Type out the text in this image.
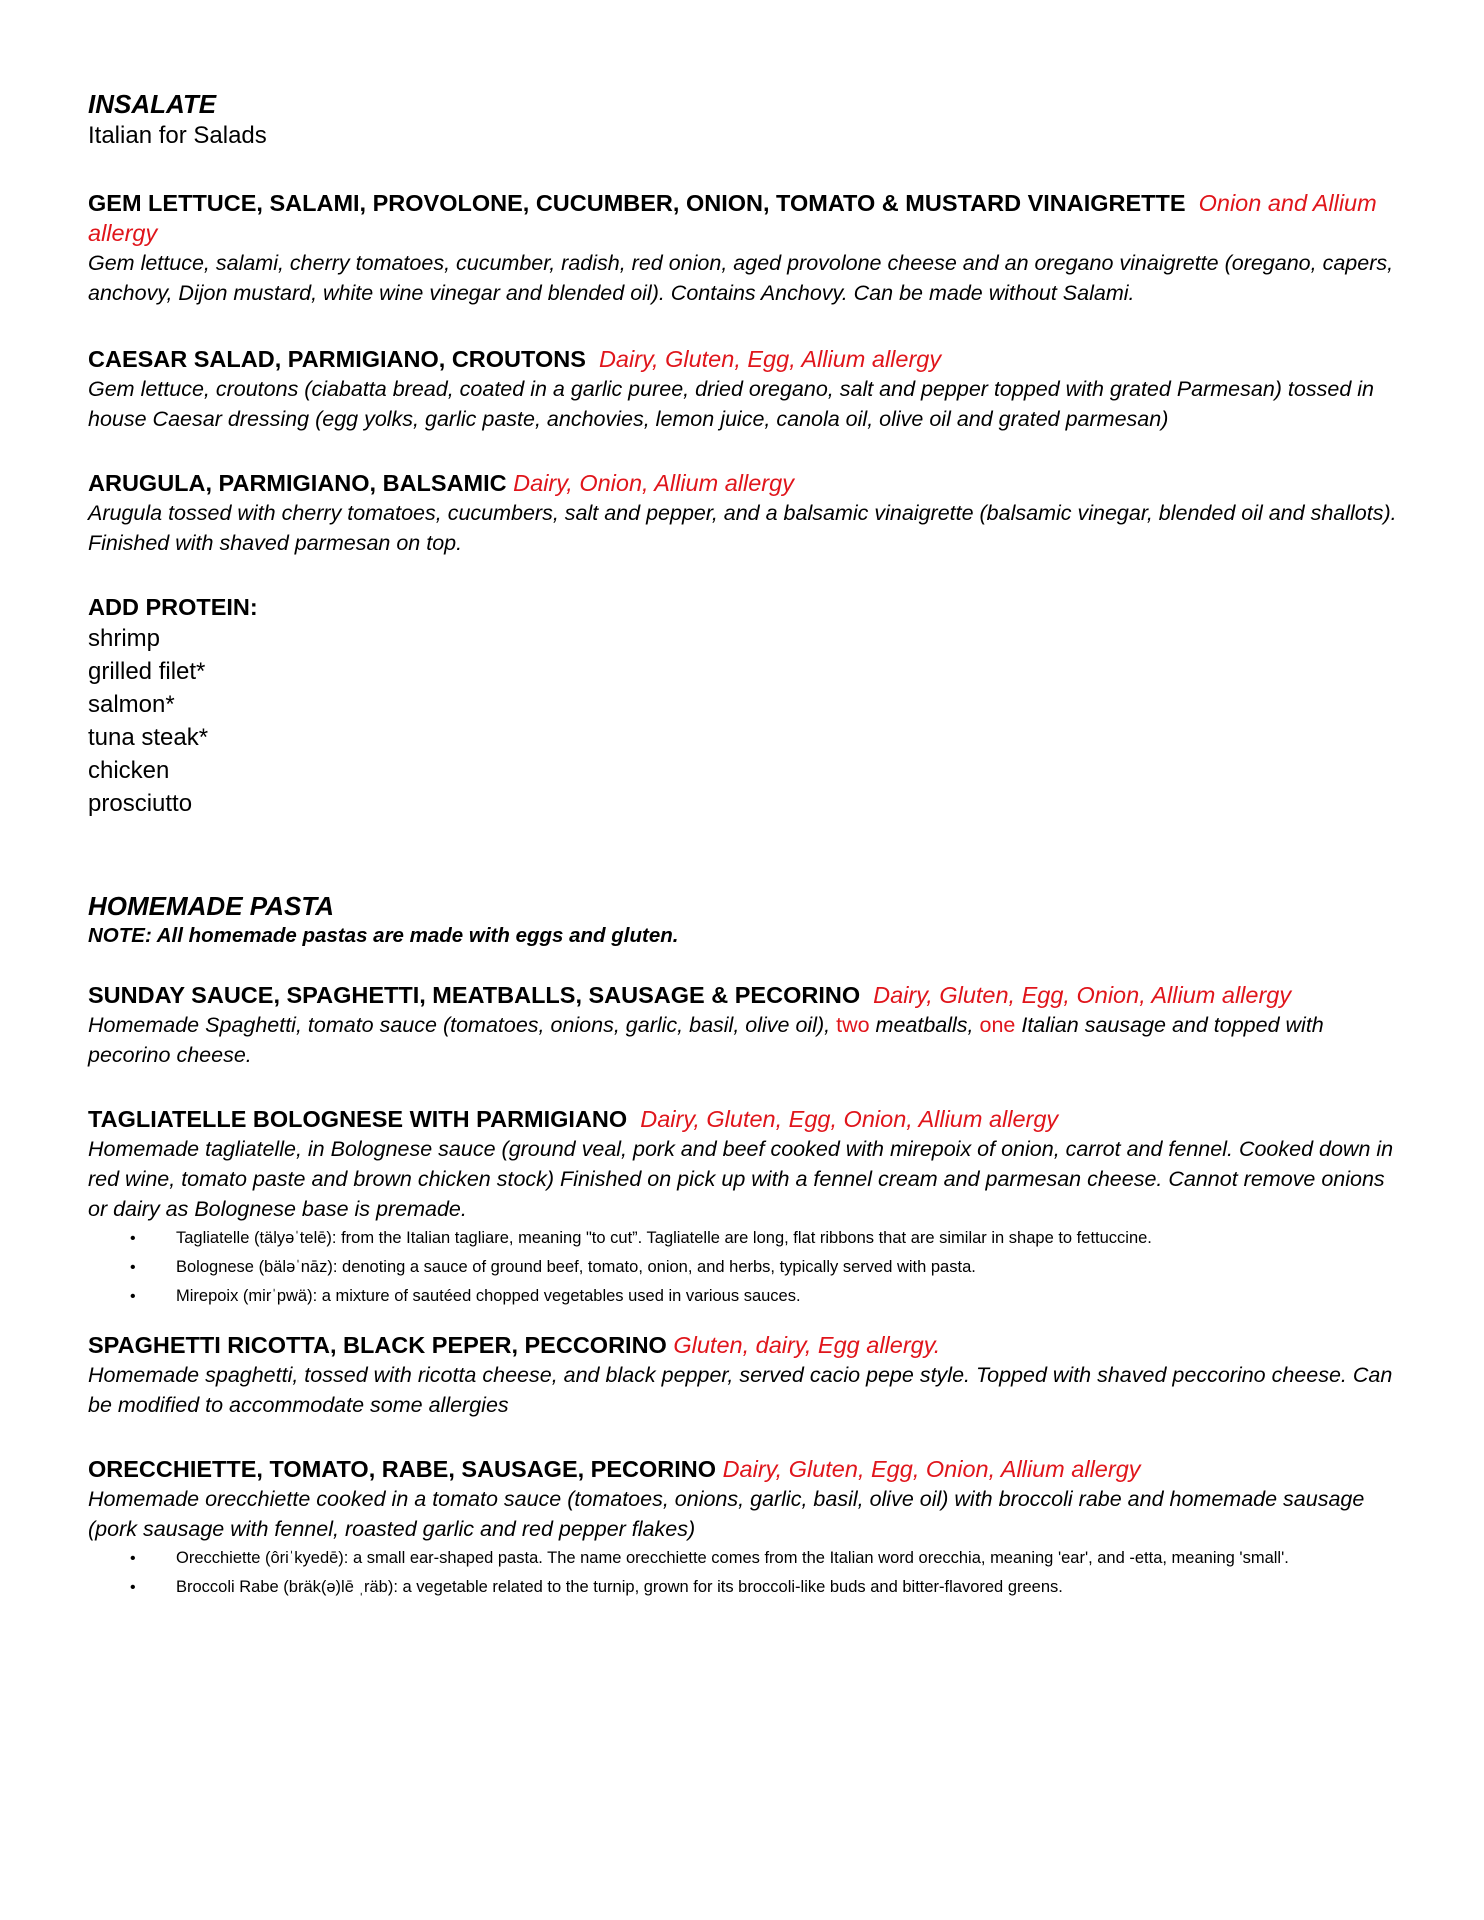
INSALATE

Italian for Salads

GEM LETTUCE, SALAMI, PROVOLONE, CUCUMBER, ONION, TOMATO & MUSTARD VINAIGRETTE Onion and Allium allergy

Gem lettuce, salami, cherry tomatoes, cucumber, radish, red onion, aged provolone cheese and an oregano vinaigrette (oregano, capers, anchovy, Dijon mustard, white wine vinegar and blended oil). Contains Anchovy. Can be made without Salami.

CAESAR SALAD, PARMIGIANO, CROUTONS Dairy, Gluten, Egg, Allium allergy

Gem lettuce, croutons (ciabatta bread, coated in a garlic puree, dried oregano, salt and pepper topped with grated Parmesan) tossed in house Caesar dressing (egg yolks, garlic paste, anchovies, lemon juice, canola oil, olive oil and grated parmesan)

ARUGULA, PARMIGIANO, BALSAMIC Dairy, Onion, Allium allergy

Arugula tossed with cherry tomatoes, cucumbers, salt and pepper, and a balsamic vinaigrette (balsamic vinegar, blended oil and shallots). Finished with shaved parmesan on top.

ADD PROTEIN:

shrimp
grilled filet*
salmon*
tuna steak*
chicken
prosciutto

HOMEMADE PASTA

NOTE: All homemade pastas are made with eggs and gluten.

SUNDAY SAUCE, SPAGHETTI, MEATBALLS, SAUSAGE & PECORINO Dairy, Gluten, Egg, Onion, Allium allergy

Homemade Spaghetti, tomato sauce (tomatoes, onions, garlic, basil, olive oil), two meatballs, one Italian sausage and topped with pecorino cheese.

TAGLIATELLE BOLOGNESE WITH PARMIGIANO Dairy, Gluten, Egg, Onion, Allium allergy

Homemade tagliatelle, in Bolognese sauce (ground veal, pork and beef cooked with mirepoix of onion, carrot and fennel. Cooked down in red wine, tomato paste and brown chicken stock) Finished on pick up with a fennel cream and parmesan cheese. Cannot remove onions or dairy as Bolognese base is premade.

• Tagliatelle (tälyəˈtelē): from the Italian tagliare, meaning "to cut”. Tagliatelle are long, flat ribbons that are similar in shape to fettuccine.
• Bolognese (bäləˈnāz): denoting a sauce of ground beef, tomato, onion, and herbs, typically served with pasta.
• Mirepoix (mirˈpwä): a mixture of sautéed chopped vegetables used in various sauces.

SPAGHETTI RICOTTA, BLACK PEPER, PECCORINO Gluten, dairy, Egg allergy.

Homemade spaghetti, tossed with ricotta cheese, and black pepper, served cacio pepe style. Topped with shaved peccorino cheese. Can be modified to accommodate some allergies

ORECCHIETTE, TOMATO, RABE, SAUSAGE, PECORINO Dairy, Gluten, Egg, Onion, Allium allergy

Homemade orecchiette cooked in a tomato sauce (tomatoes, onions, garlic, basil, olive oil) with broccoli rabe and homemade sausage (pork sausage with fennel, roasted garlic and red pepper flakes)

• Orecchiette (ôriˈkyedē): a small ear-shaped pasta. The name orecchiette comes from the Italian word orecchia, meaning 'ear', and -etta, meaning 'small'.
• Broccoli Rabe (bräk(ə)lē ˌräb): a vegetable related to the turnip, grown for its broccoli-like buds and bitter-flavored greens.
